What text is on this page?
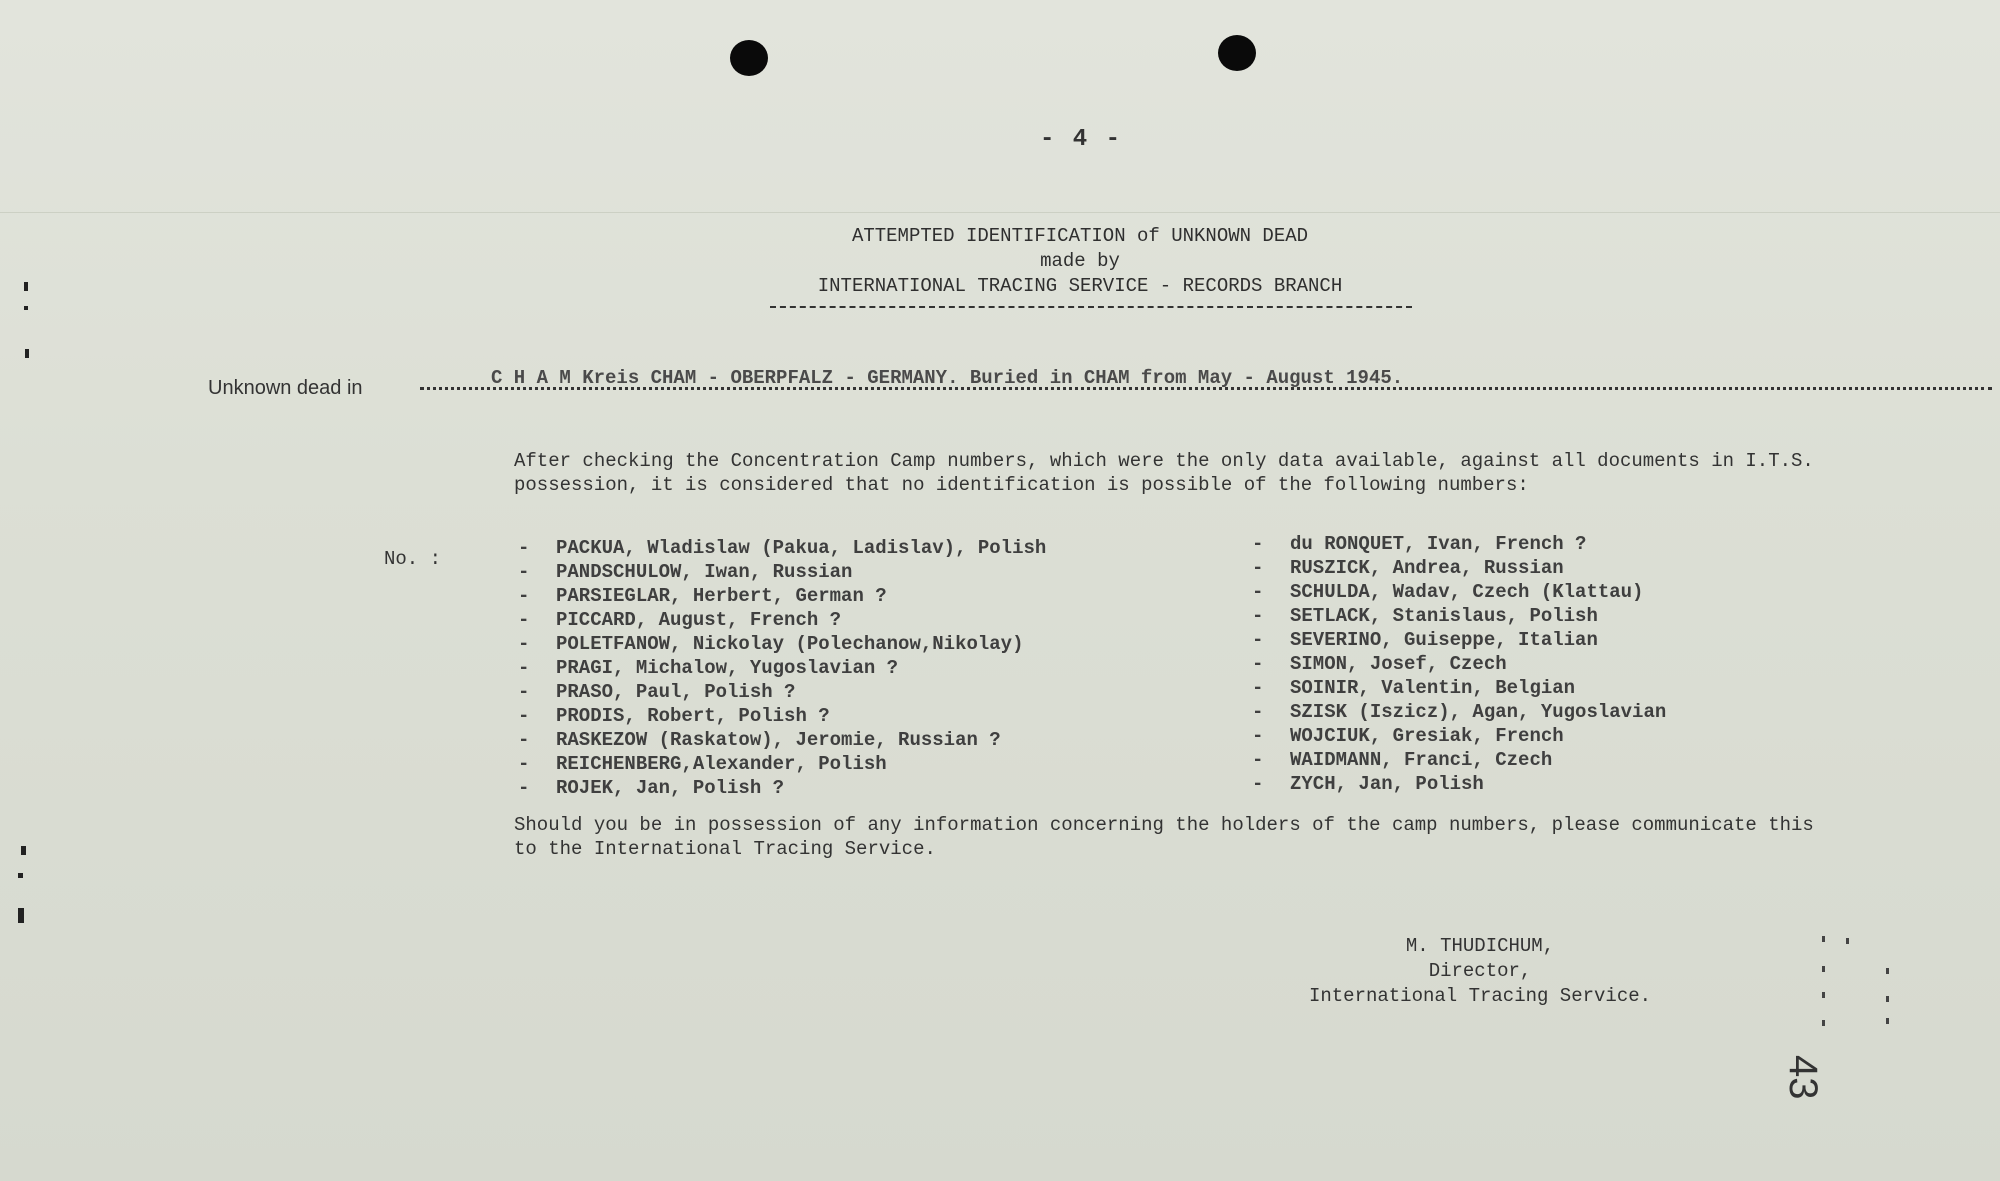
- 4 -
ATTEMPTED IDENTIFICATION of UNKNOWN DEAD
made by
INTERNATIONAL TRACING SERVICE - RECORDS BRANCH
Unknown dead in	C H A M Kreis CHAM - OBERPFALZ - GERMANY. Buried in CHAM from May - August 1945.
After checking the Concentration Camp numbers, which were the only data available, against all documents in I.T.S. possession, it is considered that no identification is possible of the following numbers:
No. :	- PACKUA, Wladislaw (Pakua, Ladislav), Polish
- PANDSCHULOW, Iwan, Russian
- PARSIEGLAR, Herbert, German ?
- PICCARD, August, French ?
- POLETFANOW, Nickolay (Polechanow,Nikolay)
- PRAGI, Michalow, Yugoslavian ?
- PRASO, Paul, Polish ?
- PRODIS, Robert, Polish ?
- RASKEZOW (Raskatow), Jeromie, Russian ?
- REICHENBERG,Alexander, Polish
- ROJEK, Jan, Polish ?
- du RONQUET, Ivan, French ?
- RUSZICK, Andrea, Russian
- SCHULDA, Wadav, Czech (Klattau)
- SETLACK, Stanislaus, Polish
- SEVERINO, Guiseppe, Italian
- SIMON, Josef, Czech
- SOINIR, Valentin, Belgian
- SZISK (Iszicz), Agan, Yugoslavian
- WOJCIUK, Gresiak, French
- WAIDMANN, Franci, Czech
- ZYCH, Jan, Polish
Should you be in possession of any information concerning the holders of the camp numbers, please communicate this to the International Tracing Service.
M. THUDICHUM,
Director,
International Tracing Service.
43
